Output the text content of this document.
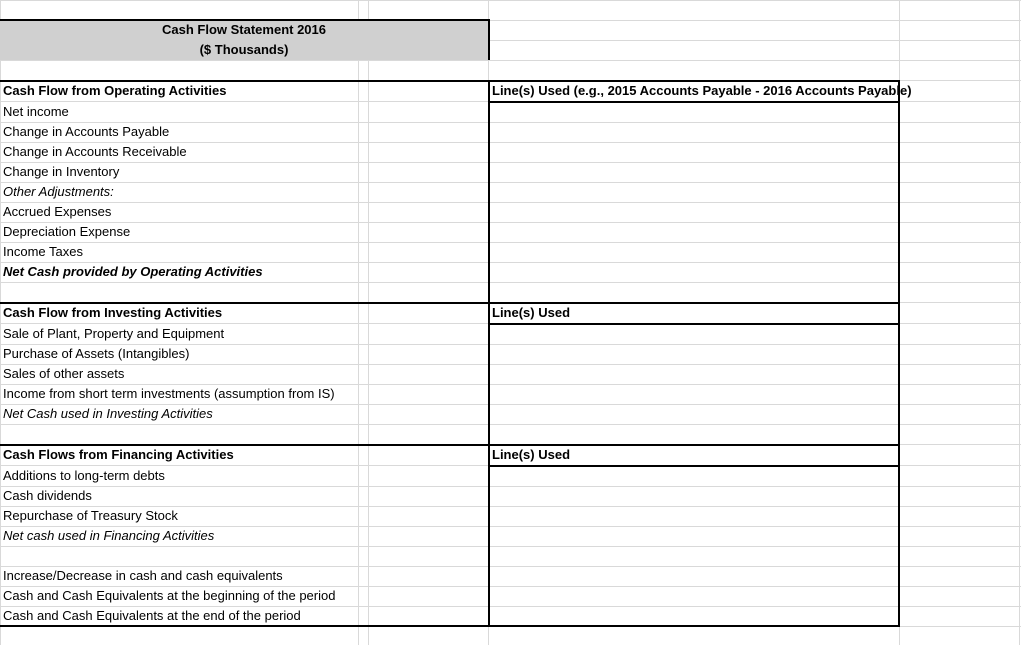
Cash Flow Statement 2016
($ Thousands)
Cash Flow from Operating Activities	Line(s) Used (e.g., 2015 Accounts Payable - 2016 Accounts Payable)
Net income
Change in Accounts Payable
Change in Accounts Receivable
Change in Inventory
Other Adjustments:
Accrued Expenses
Depreciation Expense
Income Taxes
Net Cash provided by Operating Activities
Cash Flow from Investing Activities	Line(s) Used
Sale of Plant, Property and Equipment
Purchase of Assets (Intangibles)
Sales of other assets
Income from short term investments (assumption from IS)
Net Cash used in Investing Activities
Cash Flows from Financing Activities	Line(s) Used
Additions to long-term debts
Cash dividends
Repurchase of Treasury Stock
Net cash used in Financing Activities
Increase/Decrease in cash and cash equivalents
Cash and Cash Equivalents at the beginning of the period
Cash and Cash Equivalents at the end of the period
